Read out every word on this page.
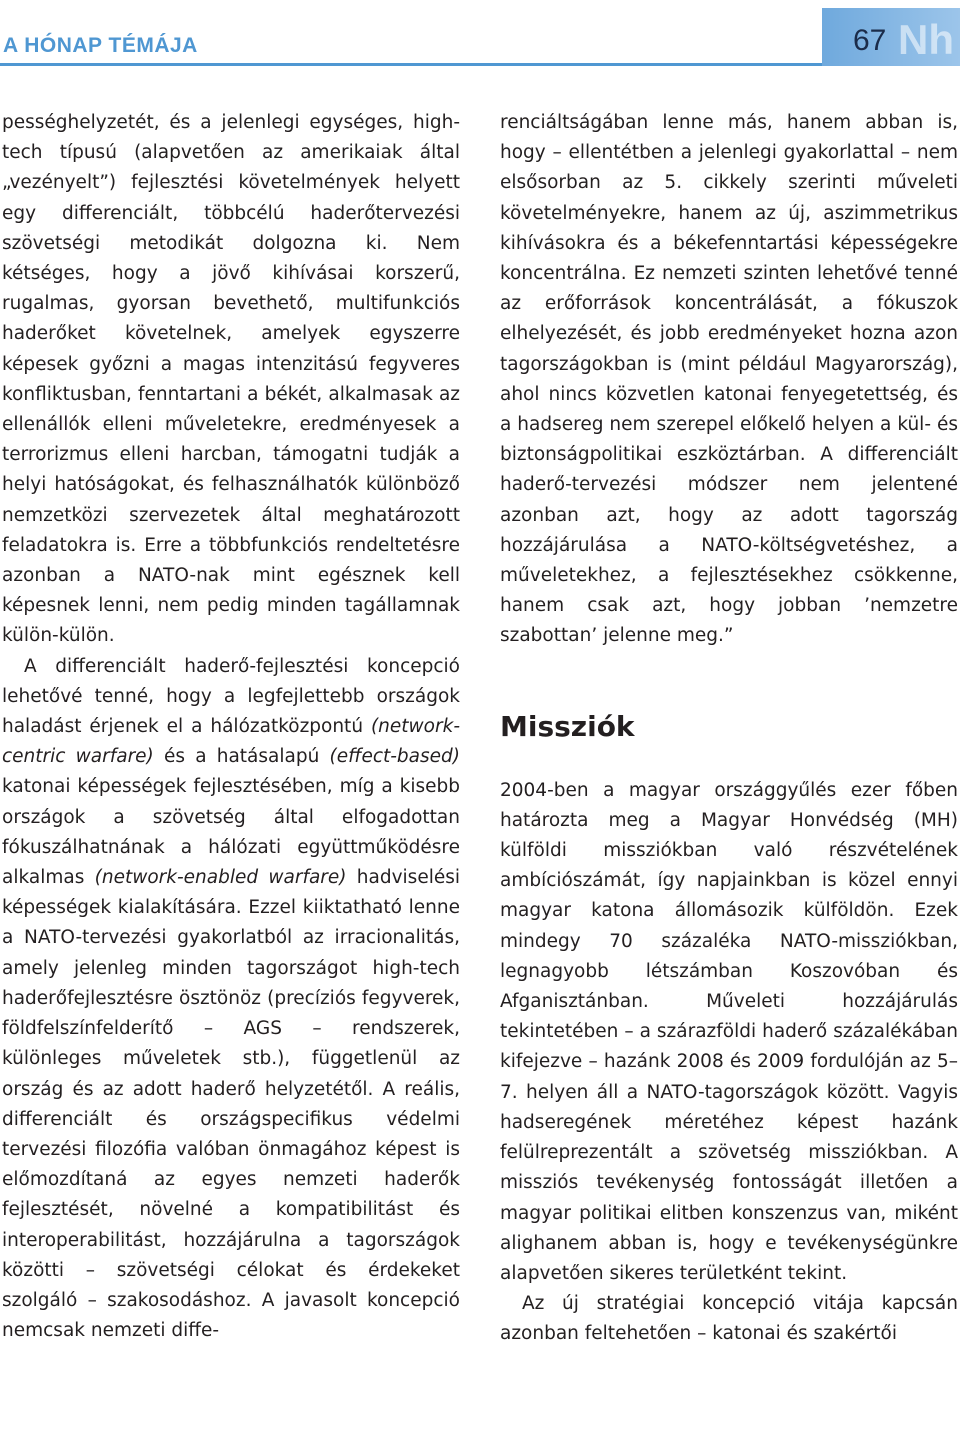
A HÓNAP TÉMÁJA	67 Nh

pességhelyzetét, és a jelenlegi egységes, high-tech típusú (alapvetően az amerikaiak által „vezényelt”) fejlesztési követelmények helyett egy differenciált, többcélú haderőtervezési szövetségi metodikát dolgozna ki. Nem kétséges, hogy a jövő kihívásai korszerű, rugalmas, gyorsan bevethető, multifunkciós haderőket követelnek, amelyek egyszerre képesek győzni a magas intenzitású fegyveres konfliktusban, fenntartani a békét, alkalmasak az ellenállók elleni műveletekre, eredményesek a terrorizmus elleni harcban, támogatni tudják a helyi hatóságokat, és felhasználhatók különböző nemzetközi szervezetek által meghatározott feladatokra is. Erre a többfunkciós rendeltetésre azonban a NATO-nak mint egésznek kell képesnek lenni, nem pedig minden tagállamnak külön-külön.

A differenciált haderő-fejlesztési koncepció lehetővé tenné, hogy a legfejlettebb országok haladást érjenek el a hálózatközpontú (network-centric warfare) és a hatásalapú (effect-based) katonai képességek fejlesztésében, míg a kisebb országok a szövetség által elfogadottan fókuszálhatnának a hálózati együttműködésre alkalmas (network-enabled warfare) hadviselési képességek kialakítására. Ezzel kiiktatható lenne a NATO-tervezési gyakorlatból az irracionalitás, amely jelenleg minden tagországot high-tech haderőfejlesztésre ösztönöz (precíziós fegyverek, földfelszínfelderítő – AGS – rendszerek, különleges műveletek stb.), függetlenül az ország és az adott haderő helyzetétől. A reális, differenciált és országspecifikus védelmi tervezési filozófia valóban önmagához képest is előmozdítaná az egyes nemzeti haderők fejlesztését, növelné a kompatibilitást és interoperabilitást, hozzájárulna a tagországok közötti – szövetségi célokat és érdekeket szolgáló – szakosodáshoz. A javasolt koncepció nemcsak nemzeti diffe-

renciáltságában lenne más, hanem abban is, hogy – ellentétben a jelenlegi gyakorlattal – nem elsősorban az 5. cikkely szerinti műveleti követelményekre, hanem az új, aszimmetrikus kihívásokra és a békefenntartási képességekre koncentrálna. Ez nemzeti szinten lehetővé tenné az erőforrások koncentrálását, a fókuszok elhelyezését, és jobb eredményeket hozna azon tagországokban is (mint például Magyarország), ahol nincs közvetlen katonai fenyegetettség, és a hadsereg nem szerepel előkelő helyen a kül- és biztonságpolitikai eszköztárban. A differenciált haderő-tervezési módszer nem jelentené azonban azt, hogy az adott tagország hozzájárulása a NATO-költségvetéshez, a műveletekhez, a fejlesztésekhez csökkenne, hanem csak azt, hogy jobban ’nemzetre szabottan’ jelenne meg.”

Missziók

2004-ben a magyar országgyűlés ezer főben határozta meg a Magyar Honvédség (MH) külföldi missziókban való részvételének ambíciószámát, így napjainkban is közel ennyi magyar katona állomásozik külföldön. Ezek mindegy 70 százaléka NATO-missziókban, legnagyobb létszámban Koszovóban és Afganisztánban. Műveleti hozzájárulás tekintetében – a szárazföldi haderő százalékában kifejezve – hazánk 2008 és 2009 fordulóján az 5–7. helyen áll a NATO-tagországok között. Vagyis hadseregének méretéhez képest hazánk felülreprezentált a szövetség missziókban. A missziós tevékenység fontosságát illetően a magyar politikai elitben konszenzus van, miként alighanem abban is, hogy e tevékenységünkre alapvetően sikeres területként tekint.

Az új stratégiai koncepció vitája kapcsán azonban feltehetően – katonai és szakértői
